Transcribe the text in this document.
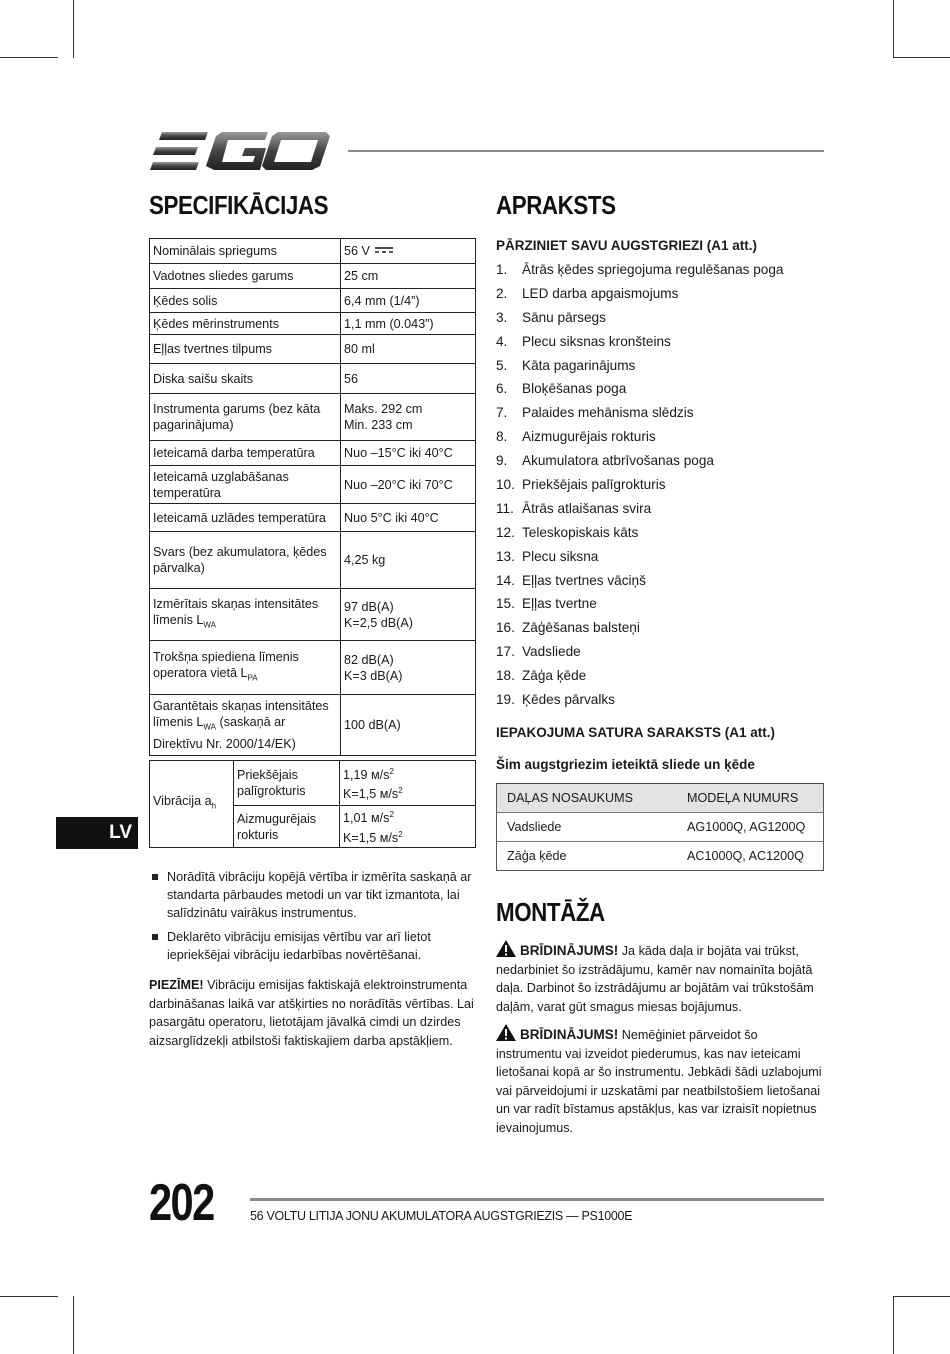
SPECIFIKĀCIJAS
Nominālais spriegums	56 V
Vadotnes sliedes garums	25 cm
Ķēdes solis	6,4 mm (1/4”)
Ķēdes mērinstruments	1,1 mm (0.043”)
Eļļas tvertnes tilpums	80 ml
Diska saišu skaits	56
Instrumenta garums (bez kāta pagarinājuma)	Maks. 292 cm
Min. 233 cm

Ieteicamā darba temperatūra	Nuo –15°C iki 40°C
Ieteicamā uzglabāšanas temperatūra	Nuo –20°C iki 70°C
Ieteicamā uzlādes temperatūra	Nuo 5°C iki 40°C
Svars (bez akumulatora, ķēdes pārvalka)	4,25 kg
Izmērītais skaņas intensitātes līmenis $L_{WA}$	97 dB(A)
K=2,5 dB(A)

Trokšņa spiediena līmenis operatora vietā $L_{PA}$	82 dB(A)
K=3 dB(A)

Garantētais skaņas intensitātes līmenis $L_{WA}$ (saskaņā ar Direktīvu Nr. 2000/14/EK)	100 dB(A)
Vibrācija $a_h$	Priekšējais palīgrokturis	1,19 $м/s^2$
K=1,5 $м/s^2$

	Aizmugurējais rokturis	1,01 $м/s^2$
K=1,5 $м/s^2$
Norādītā vibrāciju kopējā vērtība ir izmērīta saskaņā ar standarta pārbaudes metodi un var tikt izmantota, lai salīdzinātu vairākus instrumentus.
Deklarēto vibrāciju emisijas vērtību var arī lietot iepriekšējai vibrāciju iedarbības novērtēšanai.

PIEZĪME! Vibrāciju emisijas faktiskajā elektroinstrumenta darbināšanas laikā var atšķirties no norādītās vērtības. Lai pasargātu operatoru, lietotājam jāvalkā cimdi un dzirdes aizsarglīdzekļi atbilstoši faktiskajiem darba apstākļiem.

LV
APRAKSTS

PĀRZINIET SAVU AUGSTGRIEZI (A1 att.)

1. Ātrās ķēdes spriegojuma regulēšanas poga
2. LED darba apgaismojums
3. Sānu pārsegs
4. Plecu siksnas kronšteins
5. Kāta pagarinājums
6. Bloķēšanas poga
7. Palaides mehānisma slēdzis
8. Aizmugurējais rokturis
9. Akumulatora atbrīvošanas poga
10. Priekšējais palīgrokturis
11. Ātrās atlaišanas svira
12. Teleskopiskais kāts
13. Plecu siksna
14. Eļļas tvertnes vāciņš
15. Eļļas tvertne
16. Zāģēšanas balsteņi
17. Vadsliede
18. Zāģa ķēde
19. Ķēdes pārvalks

IEPAKOJUMA SATURA SARAKSTS (A1 att.)

Šim augstgriezim ieteiktā sliede un ķēde

DAĻAS NOSAUKUMS	MODEĻA NUMURS
Vadsliede	AG1000Q, AG1200Q
Zāģa ķēde	AC1000Q, AC1200Q
MONTĀŽA

BRĪDINĀJUMS! Ja kāda daļa ir bojāta vai trūkst, nedarbiniet šo izstrādājumu, kamēr nav nomainīta bojātā daļa. Darbinot šo izstrādājumu ar bojātām vai trūkstošām daļām, varat gūt smagus miesas bojājumus.

BRĪDINĀJUMS! Nemēģiniet pārveidot šo instrumentu vai izveidot piederumus, kas nav ieteicami lietošanai kopā ar šo instrumentu. Jebkādi šādi uzlabojumi vai pārveidojumi ir uzskatāmi par neatbilstošiem lietošanai un var radīt bīstamus apstākļus, kas var izraisīt nopietnus ievainojumus.

202	56 VOLTU LITIJA JONU AKUMULATORA AUGSTGRIEZIS — PS1000E
